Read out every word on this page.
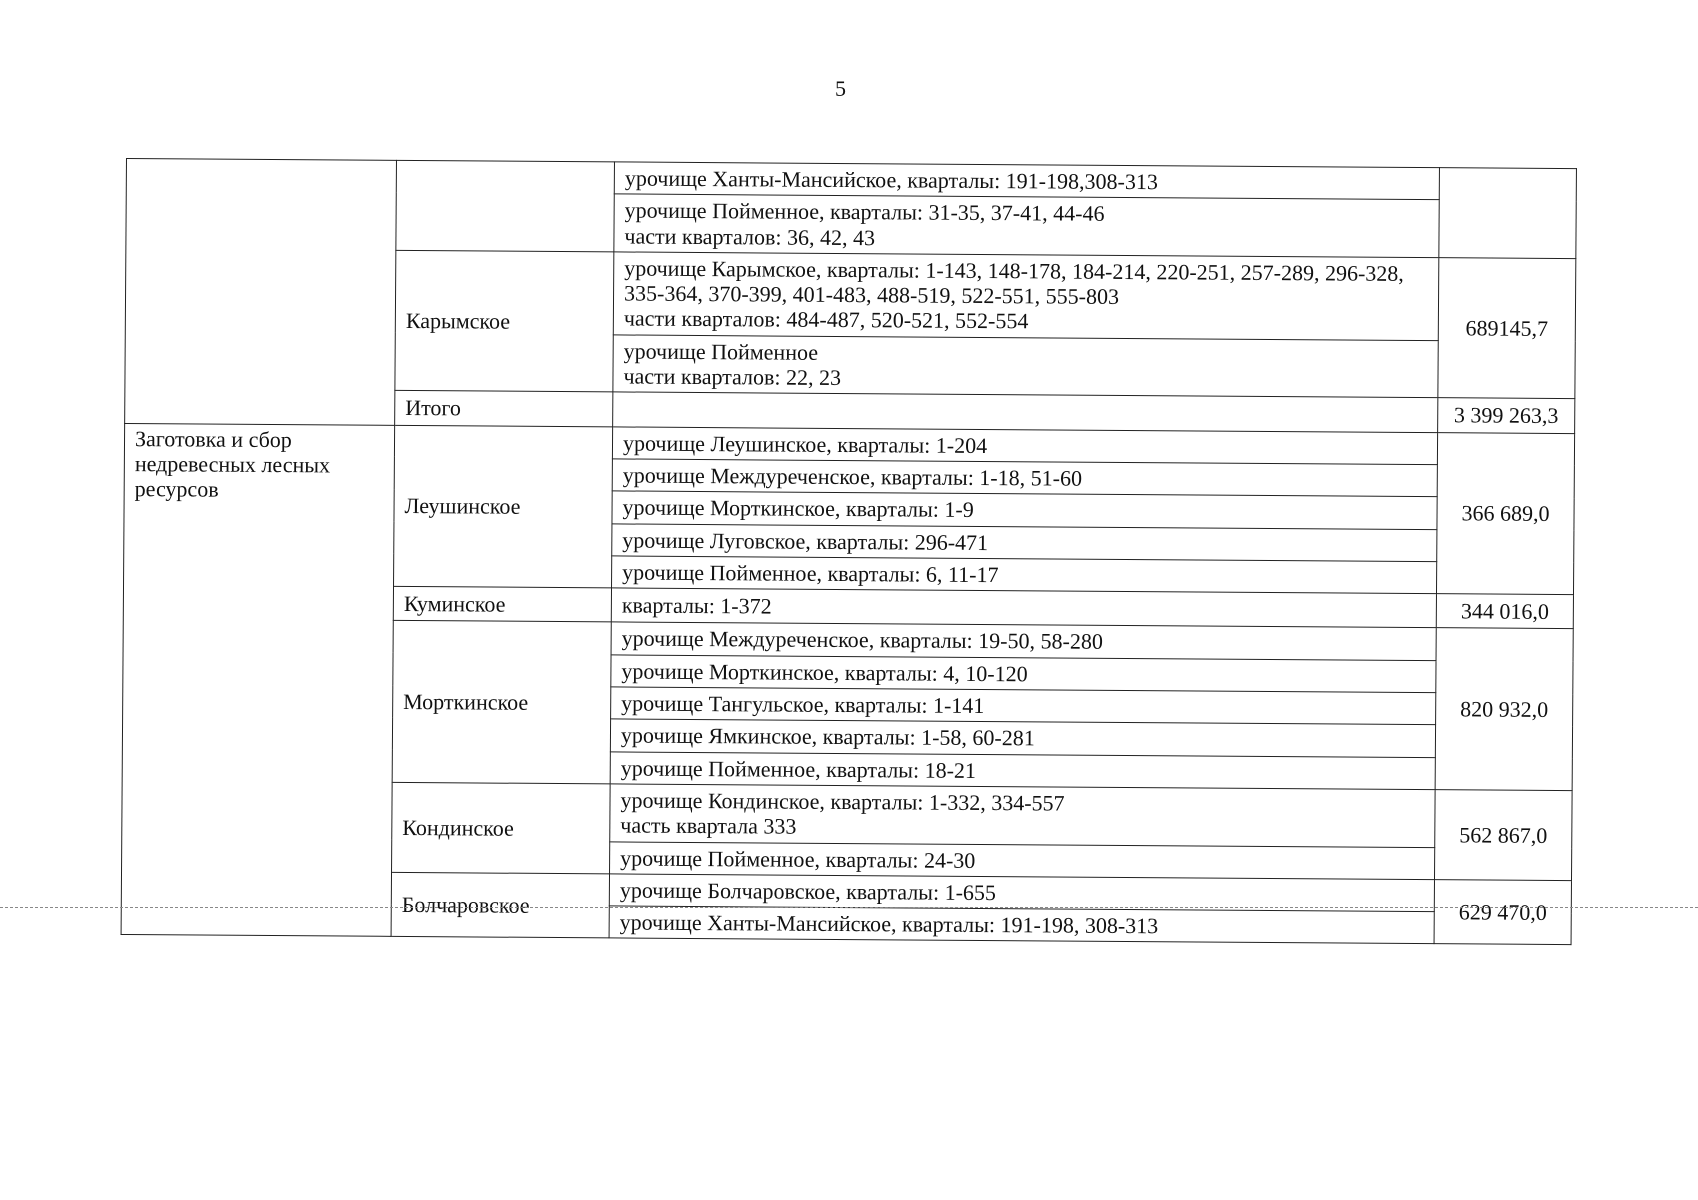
5
		урочище Ханты-Мансийское, кварталы: 191-198,308-313	
		урочище Пойменное, кварталы: 31-35, 37-41, 44-46
части кварталов: 36, 42, 43	
	Карымское	урочище Карымское, кварталы: 1-143, 148-178, 184-214, 220-251, 257-289, 296-328, 335-364, 370-399, 401-483, 488-519, 522-551, 555-803
части кварталов: 484-487, 520-521, 552-554	689145,7
		урочище Пойменное
части кварталов: 22, 23	
	Итого		3 399 263,3
Заготовка и сбор недревесных лесных ресурсов	Леушинское	урочище Леушинское, кварталы: 1-204	366 689,0
		урочище Междуреченское, кварталы: 1-18, 51-60	
		урочище Морткинское, кварталы: 1-9	
		урочище Луговское, кварталы: 296-471	
		урочище Пойменное, кварталы: 6, 11-17	
	Куминское	кварталы: 1-372	344 016,0
	Морткинское	урочище Междуреченское, кварталы: 19-50, 58-280	820 932,0
		урочище Морткинское, кварталы: 4, 10-120	
		урочище Тангульское, кварталы: 1-141	
		урочище Ямкинское, кварталы: 1-58, 60-281	
		урочище Пойменное, кварталы: 18-21	
	Кондинское	урочище Кондинское, кварталы: 1-332, 334-557
часть квартала 333	562 867,0
		урочище Пойменное, кварталы: 24-30	
	Болчаровское	урочище Болчаровское, кварталы: 1-655	629 470,0
		урочище Ханты-Мансийское, кварталы: 191-198, 308-313	
